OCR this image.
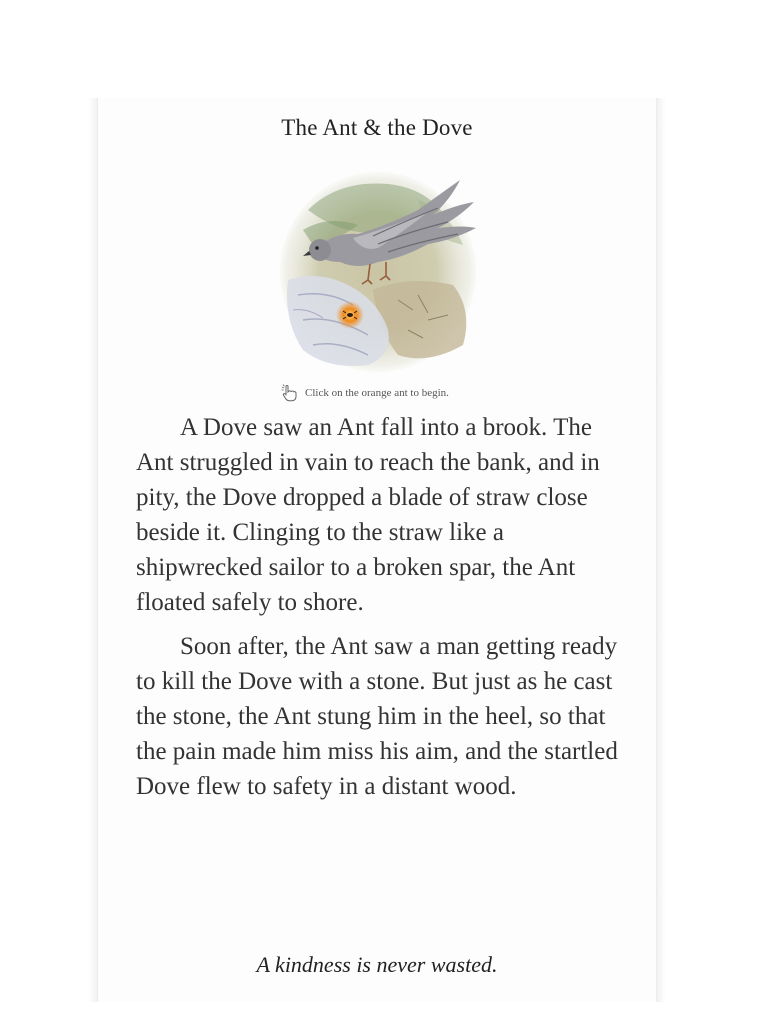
The Ant & the Dove
Click on the orange ant to begin.

A Dove saw an Ant fall into a brook. The Ant struggled in vain to reach the bank, and in pity, the Dove dropped a blade of straw close beside it. Clinging to the straw like a shipwrecked sailor to a broken spar, the Ant floated safely to shore.

Soon after, the Ant saw a man getting ready to kill the Dove with a stone. But just as he cast the stone, the Ant stung him in the heel, so that the pain made him miss his aim, and the startled Dove flew to safety in a distant wood.

A kindness is never wasted.
